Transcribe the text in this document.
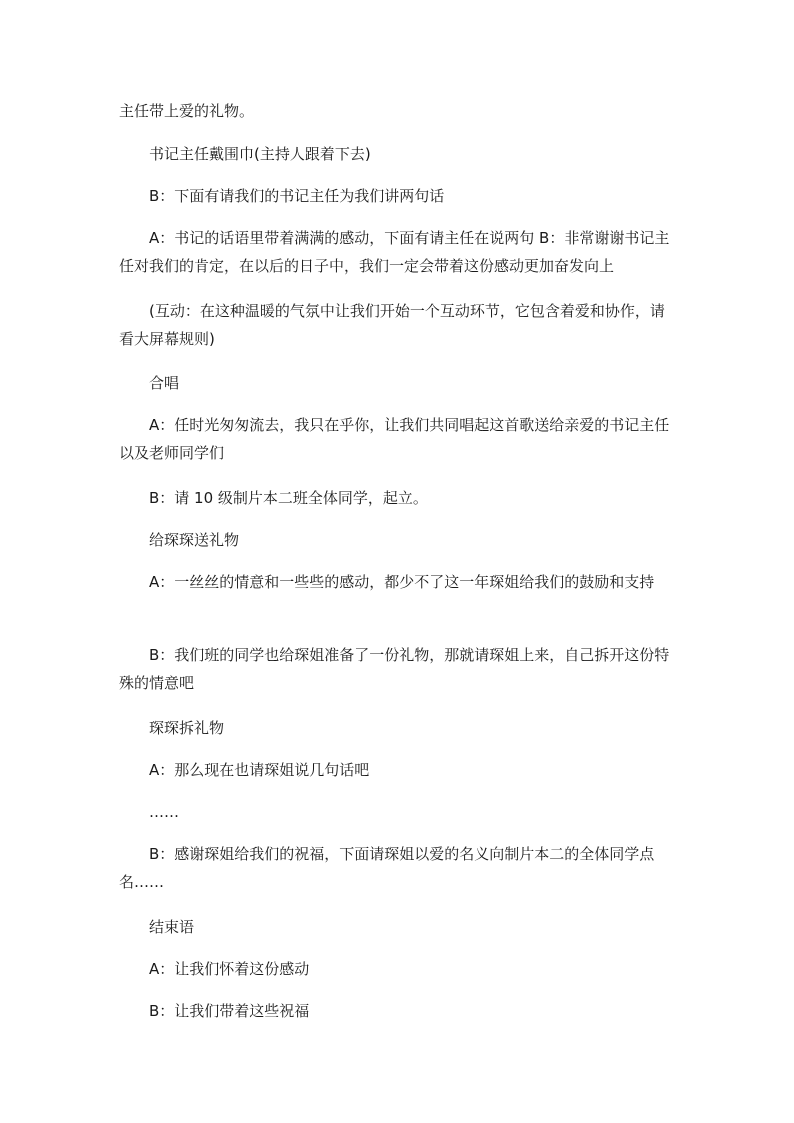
主任带上爱的礼物。

书记主任戴围巾(主持人跟着下去)

B：下面有请我们的书记主任为我们讲两句话

A：书记的话语里带着满满的感动，下面有请主任在说两句 B：非常谢谢书记主任对我们的肯定，在以后的日子中，我们一定会带着这份感动更加奋发向上

(互动：在这种温暖的气氛中让我们开始一个互动环节，它包含着爱和协作，请看大屏幕规则)

合唱

A：任时光匆匆流去，我只在乎你，让我们共同唱起这首歌送给亲爱的书记主任以及老师同学们

B：请 10 级制片本二班全体同学，起立。

给琛琛送礼物

A：一丝丝的情意和一些些的感动，都少不了这一年琛姐给我们的鼓励和支持

B：我们班的同学也给琛姐准备了一份礼物，那就请琛姐上来，自己拆开这份特殊的情意吧

琛琛拆礼物

A：那么现在也请琛姐说几句话吧

……

B：感谢琛姐给我们的祝福，下面请琛姐以爱的名义向制片本二的全体同学点名……

结束语

A：让我们怀着这份感动

B：让我们带着这些祝福
